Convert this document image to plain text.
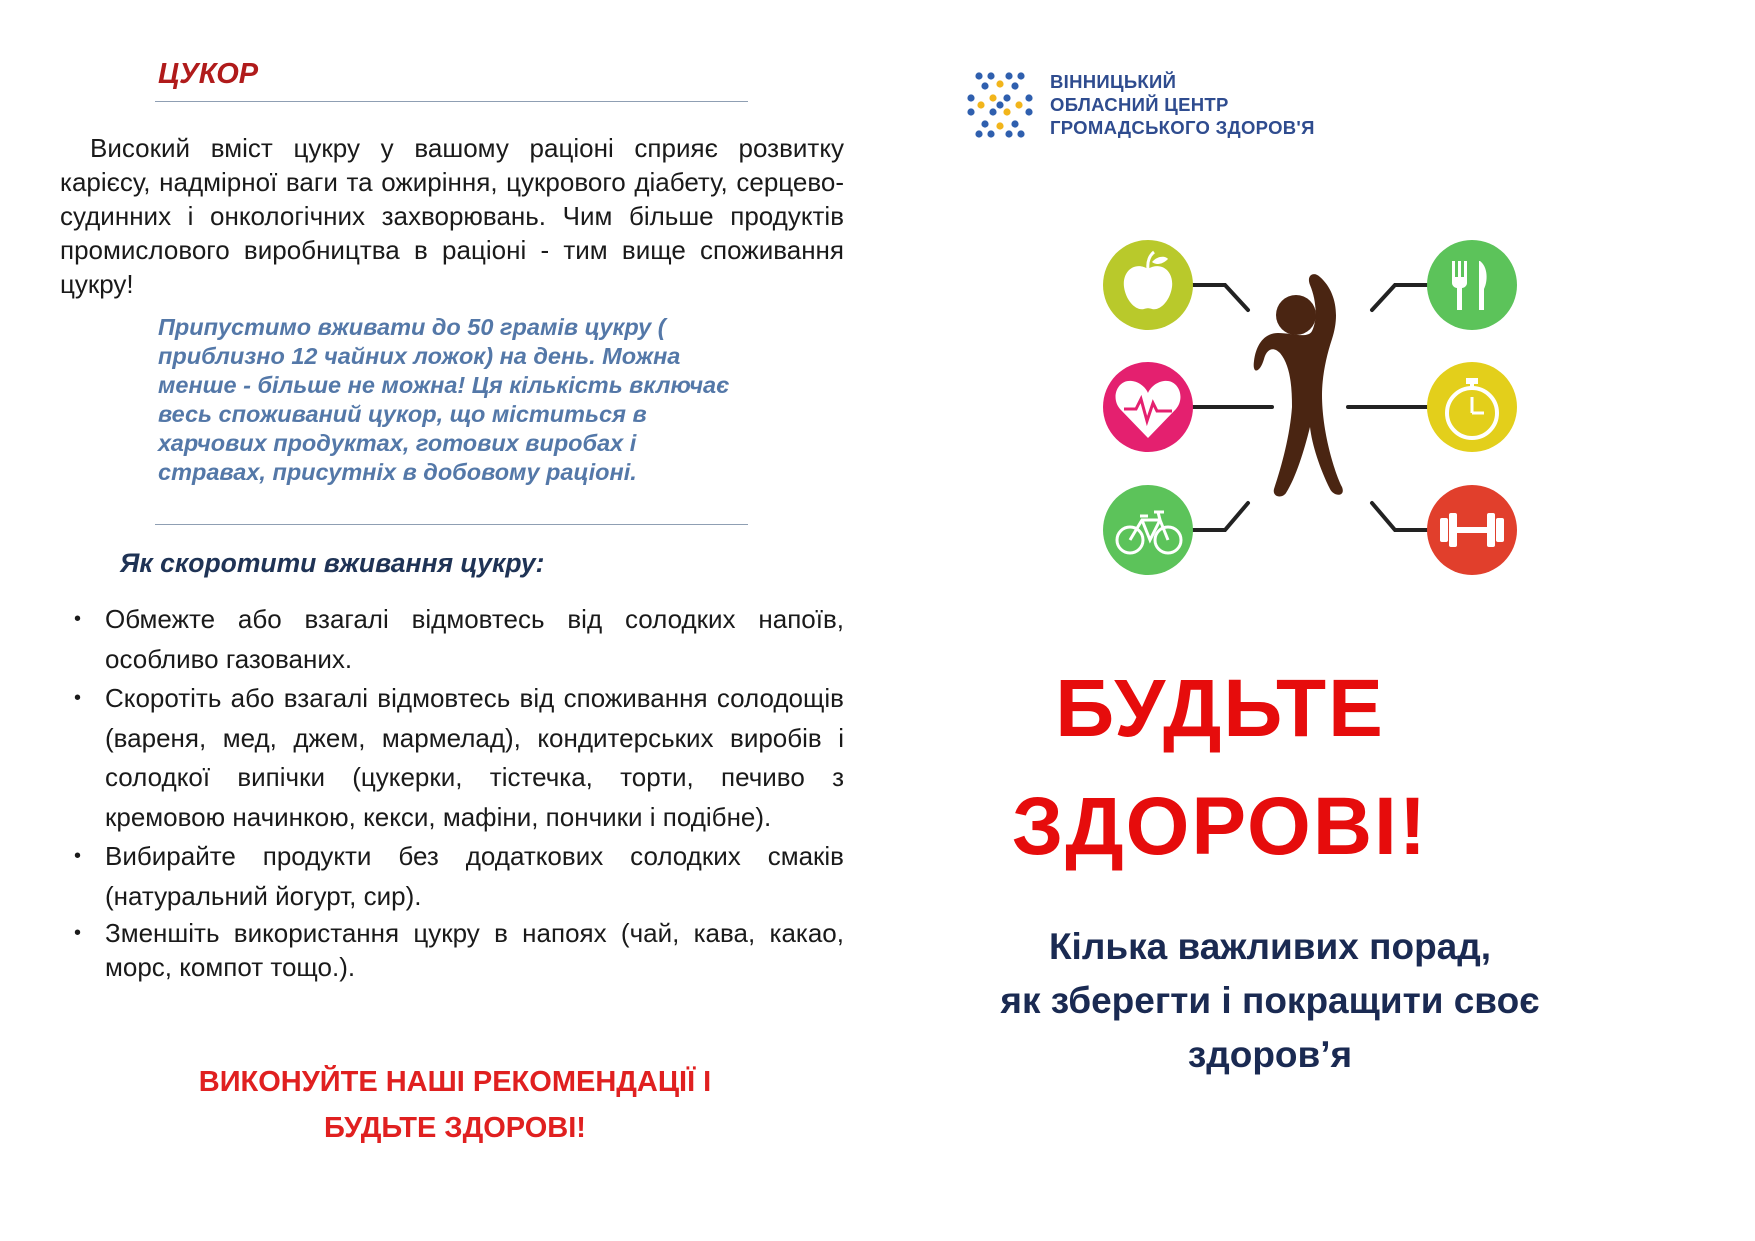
ЦУКОР
Високий вміст цукру у вашому раціоні сприяє розвитку карієсу, надмірної ваги та ожиріння, цукрового діабету, серцево-судинних і онкологічних захворювань. Чим більше продуктів промислового виробництва в раціоні - тим вище споживання цукру!
Припустимо вживати до 50 грамів цукру ( приблизно 12 чайних ложок) на день. Можна менше - більше не можна! Ця кількість включає весь споживаний цукор, що міститься в харчових продуктах, готових виробах і стравах, присутніх в добовому раціоні.
Як скоротити вживання цукру:
• Обмежте або взагалі відмовтесь від солодких напоїв, особливо газованих.
• Скоротіть або взагалі відмовтесь від споживання солодощів (вареня, мед, джем, мармелад), кондитерських виробів і солодкої випічки (цукерки, тістечка, торти, печиво з кремовою начинкою, кекси, мафіни, пончики і подібне).
• Вибирайте продукти без додаткових солодких смаків (натуральний йогурт, сир).
• Зменшіть використання цукру в напоях (чай, кава, какао, морс, компот тощо.).
ВИКОНУЙТЕ НАШІ РЕКОМЕНДАЦІЇ І
БУДЬТЕ ЗДОРОВІ!
ВІННИЦЬКИЙ
ОБЛАСНИЙ ЦЕНТР
ГРОМАДСЬКОГО ЗДОРОВ'Я
БУДЬТЕ
ЗДОРОВІ!
Кілька важливих порад,
як зберегти і покращити своє
здоров’я
